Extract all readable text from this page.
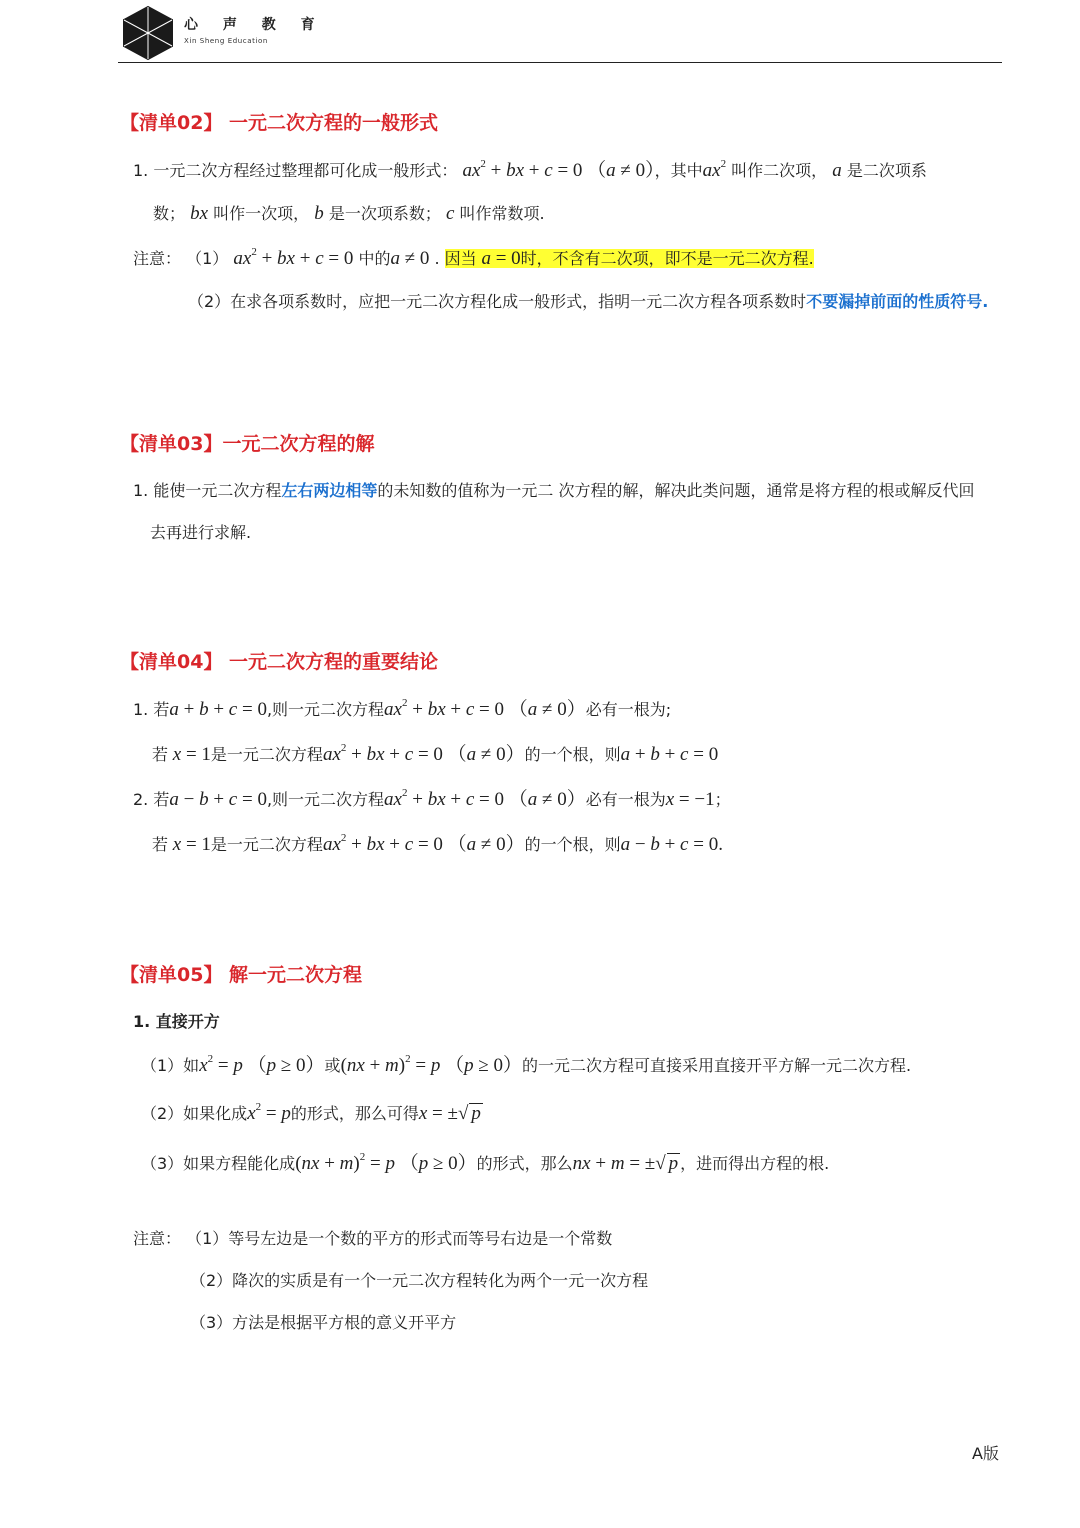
心 声 教 育
Xin Sheng Education
【清单02】 一元二次方程的一般形式
1. 一元二次方程经过整理都可化成一般形式： $ax^2$ + bx + c = 0 （a ≠ 0），其中$ax^2$ 叫作二次项， a 是二次项系
数； bx 叫作一次项， b 是一次项系数； c 叫作常数项.
注意： （1） $ax^2$ + bx + c = 0 中的a ≠ 0 . 因当 a = 0时，不含有二次项，即不是一元二次方程.
（2）在求各项系数时，应把一元二次方程化成一般形式，指明一元二次方程各项系数时不要漏掉前面的性质符号.
【清单03】一元二次方程的解
1. 能使一元二次方程左右两边相等的未知数的值称为一元二 次方程的解，解决此类问题，通常是将方程的根或解反代回
去再进行求解.
【清单04】 一元二次方程的重要结论
1. 若a + b + c = 0,则一元二次方程$ax^2$ + bx + c = 0 （a ≠ 0）必有一根为;
若 x = 1是一元二次方程$ax^2$ + bx + c = 0 （a ≠ 0）的一个根，则a + b + c = 0
2. 若a − b + c = 0,则一元二次方程$ax^2$ + bx + c = 0 （a ≠ 0）必有一根为x = −1；
若 x = 1是一元二次方程$ax^2$ + bx + c = 0 （a ≠ 0）的一个根，则a − b + c = 0.
【清单05】 解一元二次方程
1. 直接开方
（1）如$x^2 = p$ （p ≥ 0）或(nx + m)$^2$ = p （p ≥ 0）的一元二次方程可直接采用直接开平方解一元二次方程.
（2）如果化成$x^2 = p$的形式，那么可得x = ±√ p
（3）如果方程能化成(nx + m)$^2$ = p （p ≥ 0）的形式，那么nx + m = ±√ p ，进而得出方程的根.
注意： （1）等号左边是一个数的平方的形式而等号右边是一个常数
（2）降次的实质是有一个一元二次方程转化为两个一元一次方程
（3）方法是根据平方根的意义开平方
A版
